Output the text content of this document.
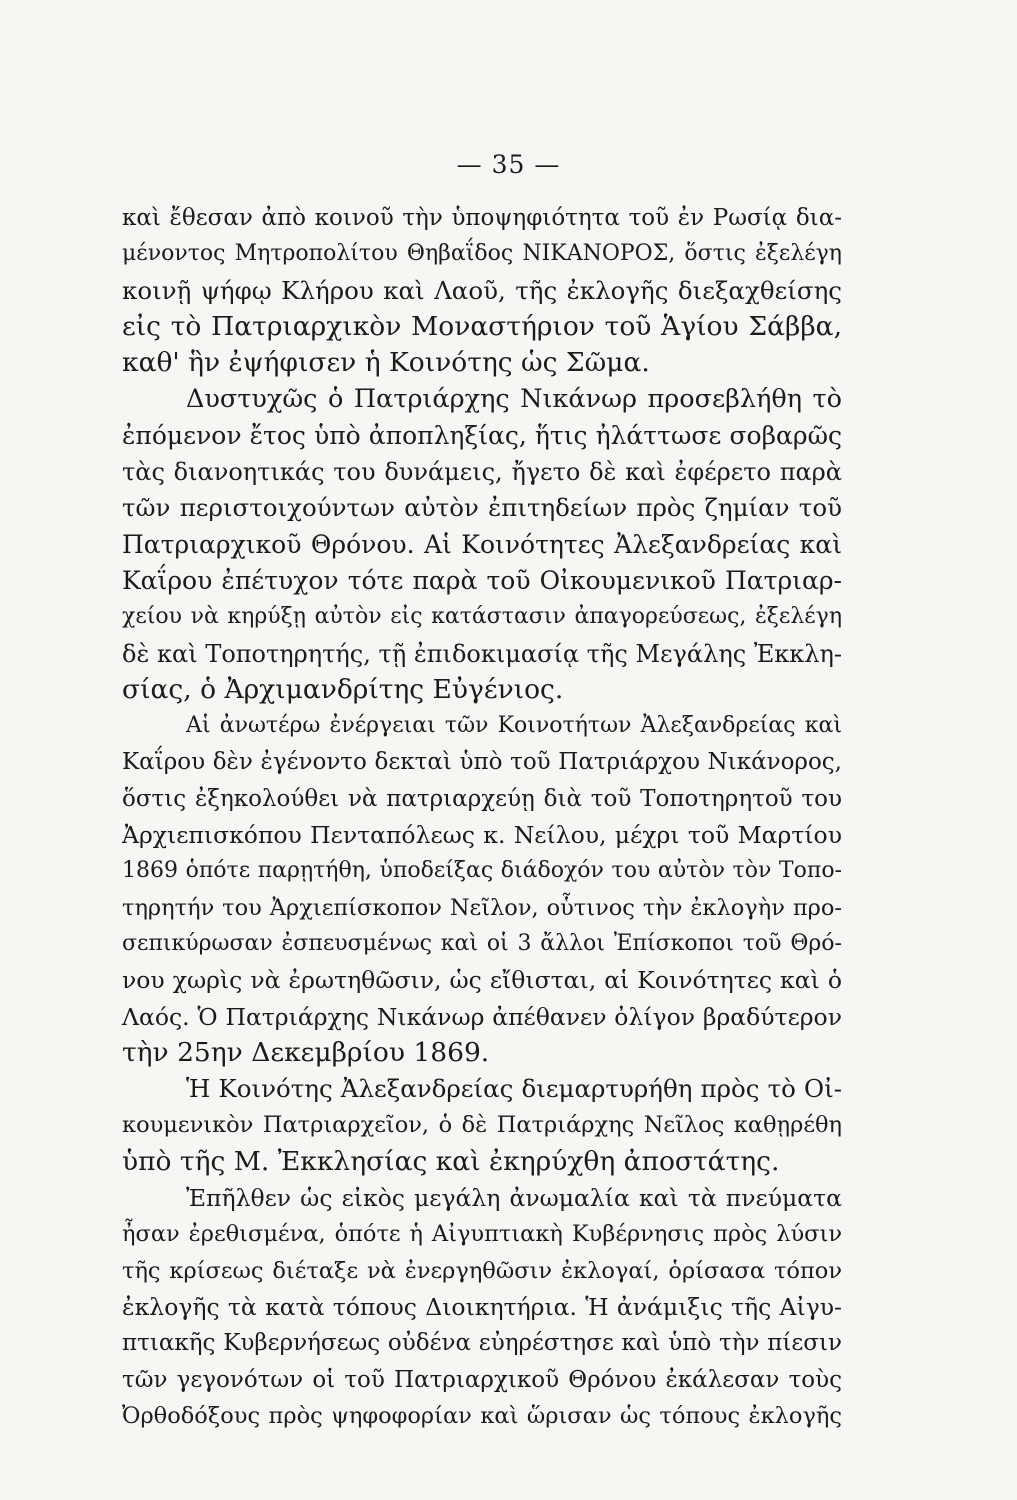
— 35 —
καὶ ἔθεσαν ἀπὸ κοινοῦ τὴν ὑποψηφιότητα τοῦ ἐν Ρωσίᾳ δια-
μένοντος Μητροπολίτου Θηβαΐδος ΝΙΚΑΝΟΡΟΣ, ὅστις ἐξελέγη
κοινῇ ψήφῳ Κλήρου καὶ Λαοῦ, τῆς ἐκλογῆς διεξαχθείσης
εἰς τὸ Πατριαρχικὸν Μοναστήριον τοῦ Ἁγίου Σάββα,
καθ' ἣν ἐψήφισεν ἡ Κοινότης ὡς Σῶμα.
Δυστυχῶς ὁ Πατριάρχης Νικάνωρ προσεβλήθη τὸ
ἐπόμενον ἔτος ὑπὸ ἀποπληξίας, ἥτις ἠλάττωσε σοβαρῶς
τὰς διανοητικάς του δυνάμεις, ἤγετο δὲ καὶ ἐφέρετο παρὰ
τῶν περιστοιχούντων αὐτὸν ἐπιτηδείων πρὸς ζημίαν τοῦ
Πατριαρχικοῦ Θρόνου. Αἱ Κοινότητες Ἀλεξανδρείας καὶ
Καΐρου ἐπέτυχον τότε παρὰ τοῦ Οἰκουμενικοῦ Πατριαρ-
χείου νὰ κηρύξῃ αὐτὸν εἰς κατάστασιν ἀπαγορεύσεως, ἐξελέγη
δὲ καὶ Τοποτηρητής, τῇ ἐπιδοκιμασίᾳ τῆς Μεγάλης Ἐκκλη-
σίας, ὁ Ἀρχιμανδρίτης Εὐγένιος.
Αἱ ἀνωτέρω ἐνέργειαι τῶν Κοινοτήτων Ἀλεξανδρείας καὶ
Καΐρου δὲν ἐγένοντο δεκταὶ ὑπὸ τοῦ Πατριάρχου Νικάνορος,
ὅστις ἐξηκολούθει νὰ πατριαρχεύῃ διὰ τοῦ Τοποτηρητοῦ του
Ἀρχιεπισκόπου Πενταπόλεως κ. Νείλου, μέχρι τοῦ Μαρτίου
1869 ὁπότε παρῃτήθη, ὑποδείξας διάδοχόν του αὐτὸν τὸν Τοπο-
τηρητήν του Ἀρχιεπίσκοπον Νεῖλον, οὗτινος τὴν ἐκλογὴν προ-
σεπικύρωσαν ἐσπευσμένως καὶ οἱ 3 ἄλλοι Ἐπίσκοποι τοῦ Θρό-
νου χωρὶς νὰ ἐρωτηθῶσιν, ὡς εἴθισται, αἱ Κοινότητες καὶ ὁ
Λαός. Ὁ Πατριάρχης Νικάνωρ ἀπέθανεν ὀλίγον βραδύτερον
τὴν 25ην Δεκεμβρίου 1869.
Ἡ Κοινότης Ἀλεξανδρείας διεμαρτυρήθη πρὸς τὸ Οἰ-
κουμενικὸν Πατριαρχεῖον, ὁ δὲ Πατριάρχης Νεῖλος καθῃρέθη
ὑπὸ τῆς Μ. Ἐκκλησίας καὶ ἐκηρύχθη ἀποστάτης.
Ἐπῆλθεν ὡς εἰκὸς μεγάλη ἀνωμαλία καὶ τὰ πνεύματα
ἦσαν ἐρεθισμένα, ὁπότε ἡ Αἰγυπτιακὴ Κυβέρνησις πρὸς λύσιν
τῆς κρίσεως διέταξε νὰ ἐνεργηθῶσιν ἐκλογαί, ὁρίσασα τόπον
ἐκλογῆς τὰ κατὰ τόπους Διοικητήρια. Ἡ ἀνάμιξις τῆς Αἰγυ-
πτιακῆς Κυβερνήσεως οὐδένα εὐηρέστησε καὶ ὑπὸ τὴν πίεσιν
τῶν γεγονότων οἱ τοῦ Πατριαρχικοῦ Θρόνου ἐκάλεσαν τοὺς
Ὀρθοδόξους πρὸς ψηφοφορίαν καὶ ὥρισαν ὡς τόπους ἐκλογῆς
